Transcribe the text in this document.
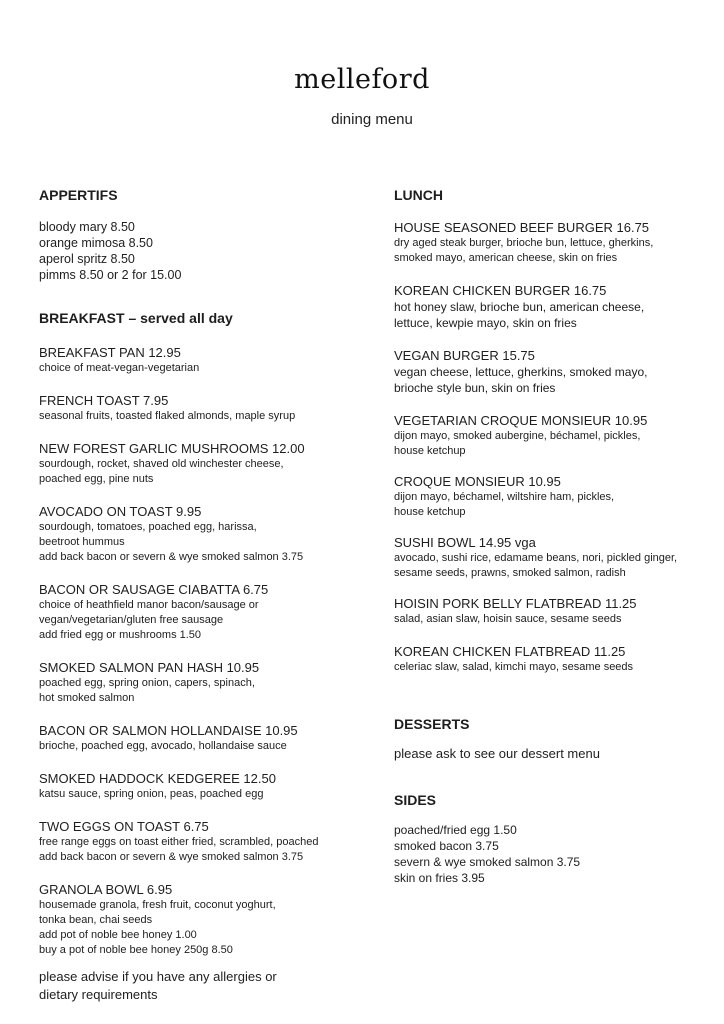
melleford
dining menu
APPERTIFS
bloody mary 8.50
orange mimosa 8.50
aperol spritz 8.50
pimms 8.50 or 2 for 15.00
BREAKFAST – served all day
BREAKFAST PAN 12.95
choice of meat-vegan-vegetarian
FRENCH TOAST 7.95
seasonal fruits, toasted flaked almonds, maple syrup
NEW FOREST GARLIC MUSHROOMS 12.00
sourdough, rocket, shaved old winchester cheese,
poached egg, pine nuts
AVOCADO ON TOAST 9.95
sourdough, tomatoes, poached egg, harissa,
beetroot hummus
add back bacon or severn & wye smoked salmon 3.75
BACON OR SAUSAGE CIABATTA 6.75
choice of heathfield manor bacon/sausage or
vegan/vegetarian/gluten free sausage
add fried egg or mushrooms 1.50
SMOKED SALMON PAN HASH 10.95
poached egg, spring onion, capers, spinach,
hot smoked salmon
BACON OR SALMON HOLLANDAISE 10.95
brioche, poached egg, avocado, hollandaise sauce
SMOKED HADDOCK KEDGEREE 12.50
katsu sauce, spring onion, peas, poached egg
TWO EGGS ON TOAST 6.75
free range eggs on toast either fried, scrambled, poached
add back bacon or severn & wye smoked salmon 3.75
GRANOLA BOWL 6.95
housemade granola, fresh fruit, coconut yoghurt,
tonka bean, chai seeds
add pot of noble bee honey 1.00
buy a pot of noble bee honey 250g 8.50
please advise if you have any allergies or
dietary requirements
LUNCH
HOUSE SEASONED BEEF BURGER 16.75
dry aged steak burger, brioche bun, lettuce, gherkins,
smoked mayo, american cheese, skin on fries
KOREAN CHICKEN BURGER 16.75
hot honey slaw, brioche bun, american cheese,
lettuce, kewpie mayo, skin on fries
VEGAN BURGER 15.75
vegan cheese, lettuce, gherkins, smoked mayo,
brioche style bun, skin on fries
VEGETARIAN CROQUE MONSIEUR 10.95
dijon mayo, smoked aubergine, béchamel, pickles,
house ketchup
CROQUE MONSIEUR 10.95
dijon mayo, béchamel, wiltshire ham, pickles,
house ketchup
SUSHI BOWL 14.95 vga
avocado, sushi rice, edamame beans, nori, pickled ginger,
sesame seeds, prawns, smoked salmon, radish
HOISIN PORK BELLY FLATBREAD 11.25
salad, asian slaw, hoisin sauce, sesame seeds
KOREAN CHICKEN FLATBREAD 11.25
celeriac slaw, salad, kimchi mayo, sesame seeds
DESSERTS
please ask to see our dessert menu
SIDES
poached/fried egg 1.50
smoked bacon 3.75
severn & wye smoked salmon 3.75
skin on fries 3.95
